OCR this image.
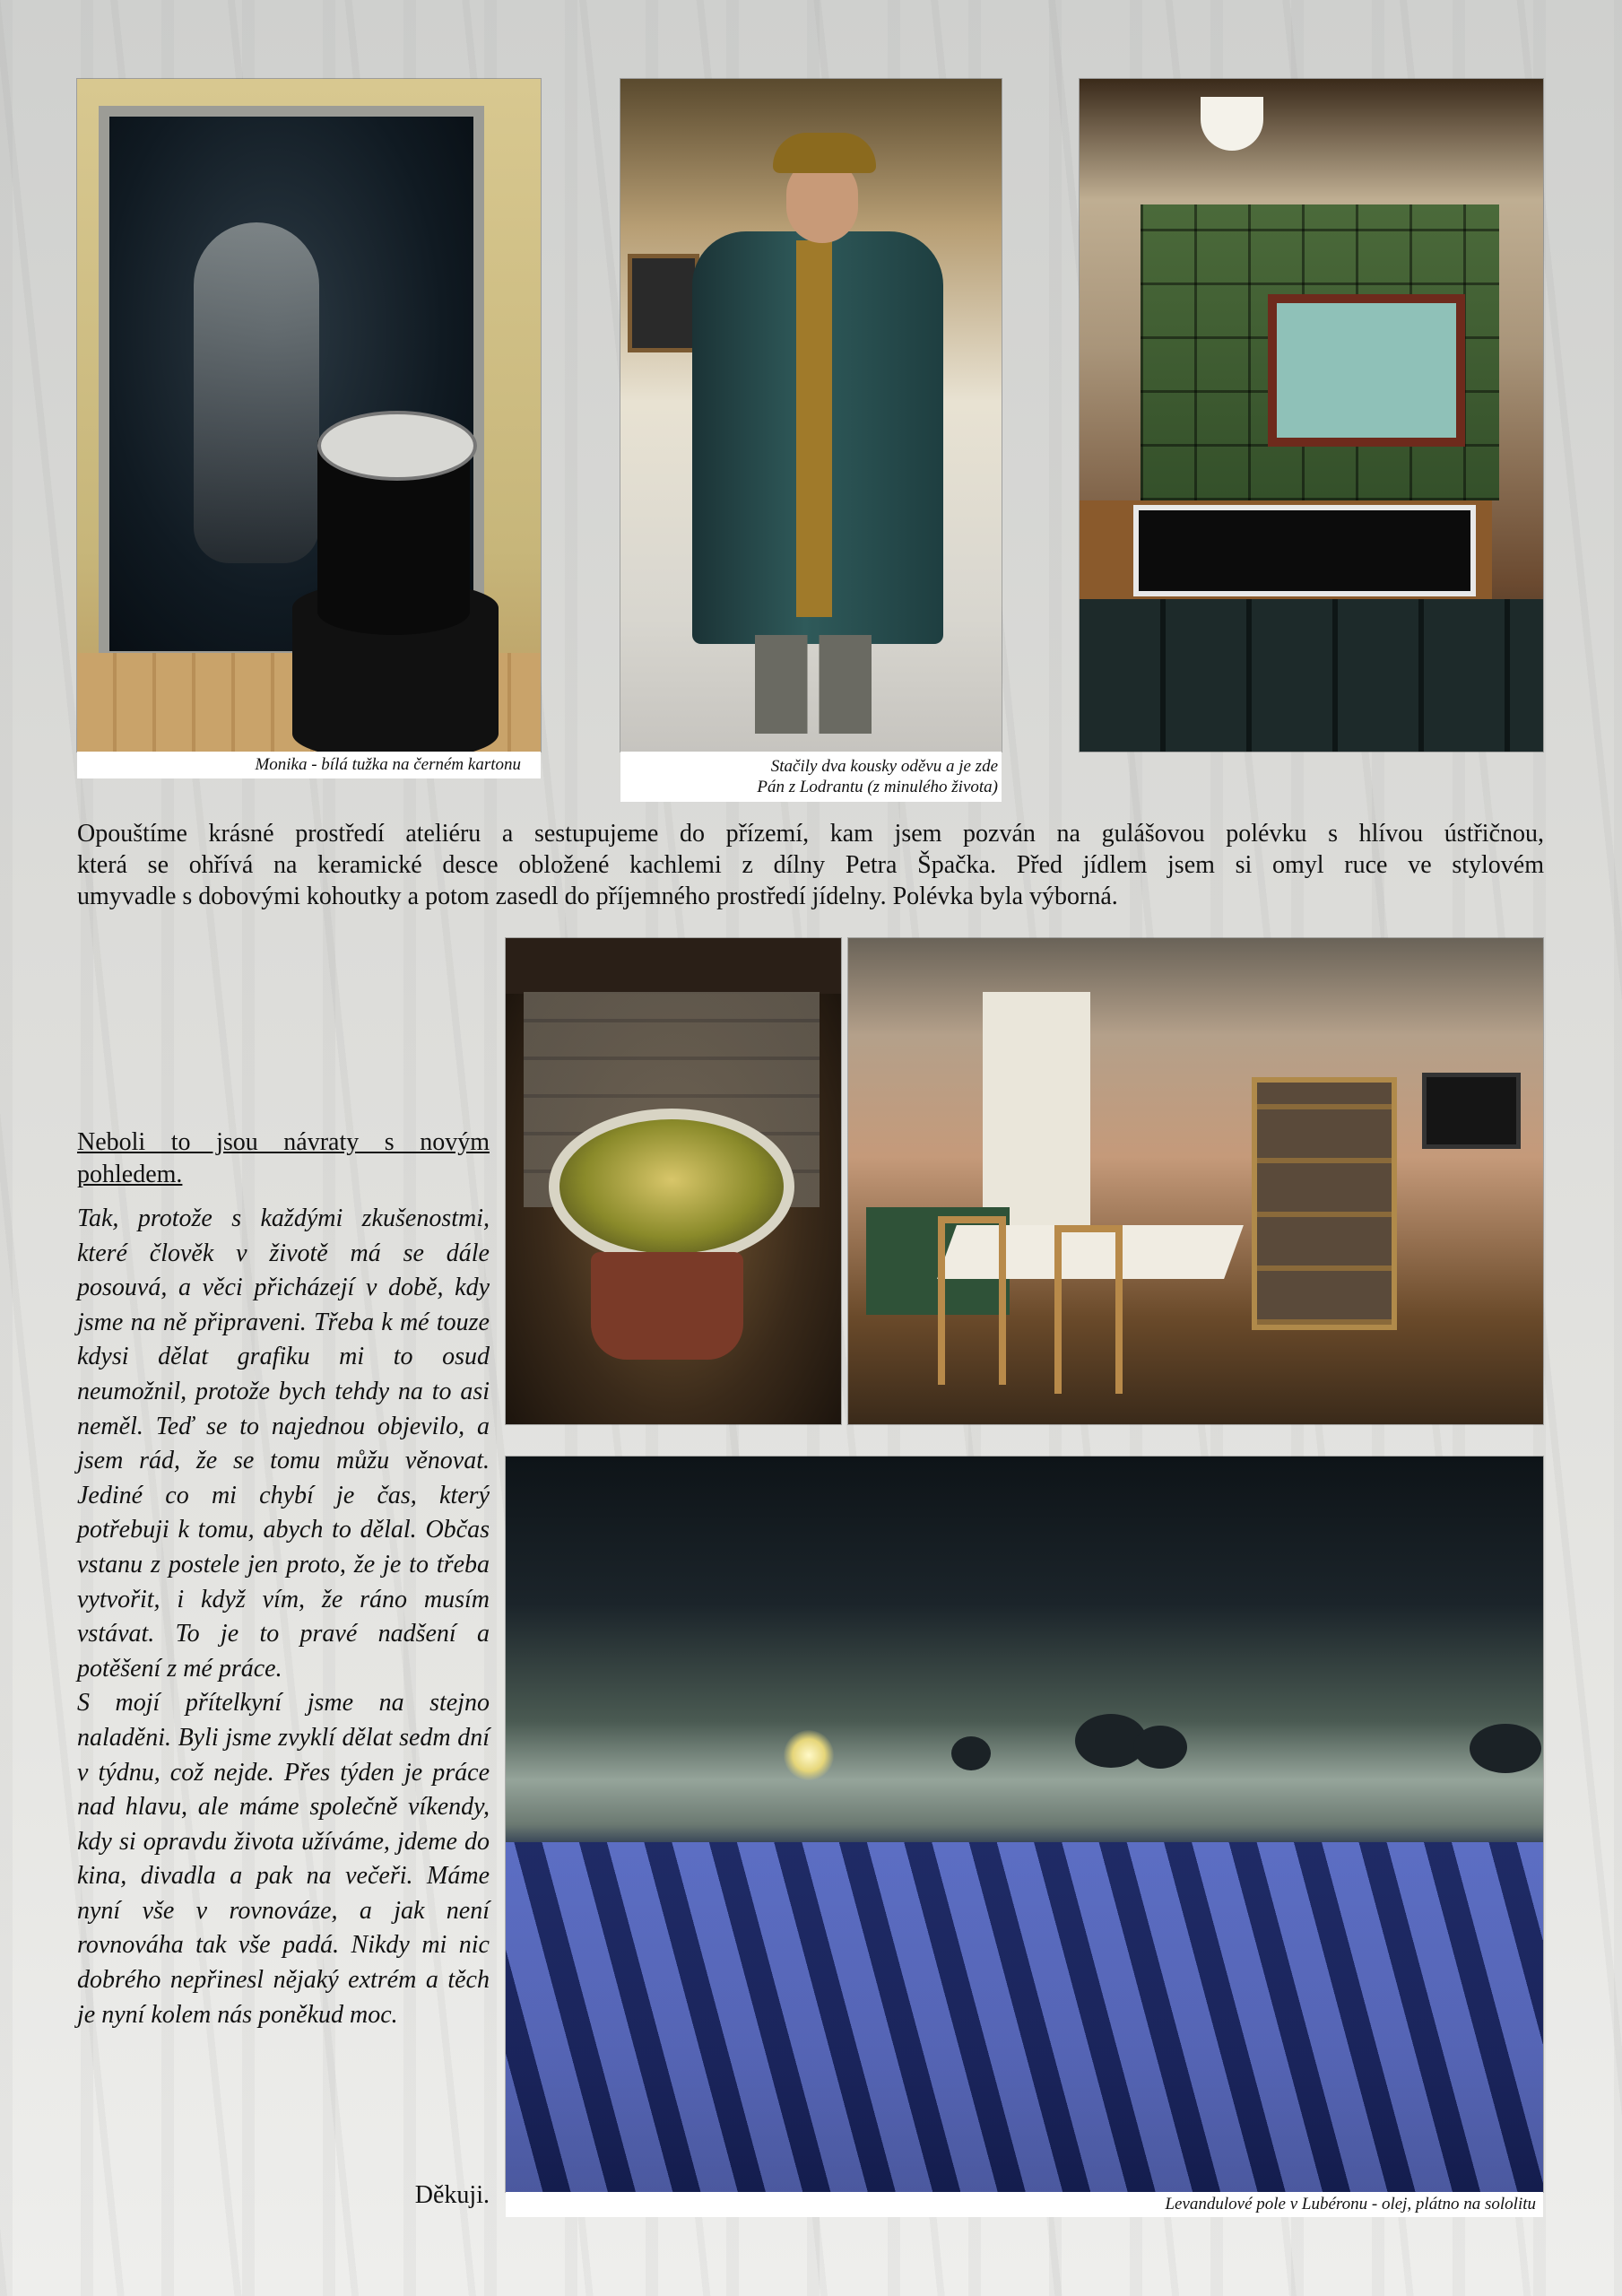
Monika - bílá tužka na černém kartonu	Stačily dva kousky oděvu a je zde
Pán z Lodrantu (z minulého života)
Opouštíme krásné prostředí ateliéru a sestupujeme do přízemí, kam jsem pozván na gulášovou polévku s hlívou ústřičnou,
která se ohřívá na keramické desce obložené kachlemi z dílny Petra Špačka. Před jídlem jsem si omyl ruce ve stylovém
umyvadle s dobovými kohoutky a potom zasedl do příjemného prostředí jídelny. Polévka byla výborná.
Neboli to jsou návraty s novým pohledem.

Tak, protože s každými zkušenostmi, které člověk v životě má se dále posouvá, a věci přicházejí v době, kdy jsme na ně připraveni. Třeba k mé touze kdysi dělat grafiku mi to osud neumožnil, protože bych tehdy na to asi neměl. Teď se to najednou objevilo, a jsem rád, že se tomu můžu věnovat. Jediné co mi chybí je čas, který potřebuji k tomu, abych to dělal. Občas vstanu z postele jen proto, že je to třeba vytvořit, i když vím, že ráno musím vstávat. To je to pravé nadšení a potěšení z mé práce.

S mojí přítelkyní jsme na stejno naladěni. Byli jsme zvyklí dělat sedm dní v týdnu, což nejde. Přes týden je práce nad hlavu, ale máme společně víkendy, kdy si opravdu života užíváme, jdeme do kina, divadla a pak na večeři. Máme nyní vše v rovnováze, a jak není rovnováha tak vše padá. Nikdy mi nic dobrého nepřinesl nějaký extrém a těch je nyní kolem nás poněkud moc.

Děkuji.	Levandulové pole v Lubéronu - olej, plátno na sololitu
